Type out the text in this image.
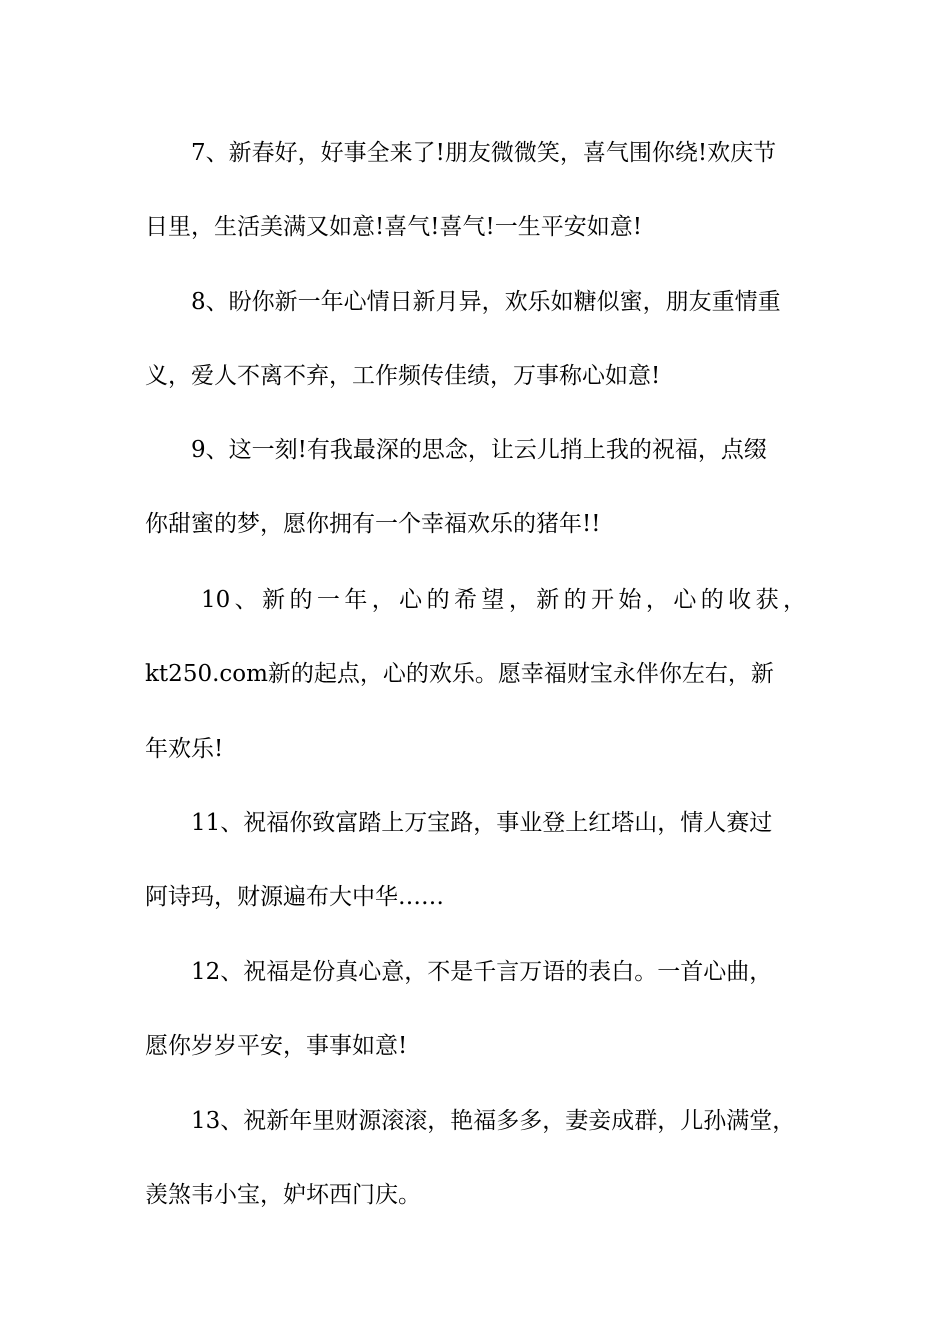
7、新春好，好事全来了!朋友微微笑，喜气围你绕!欢庆节
日里，生活美满又如意!喜气!喜气!一生平安如意!
8、盼你新一年心情日新月异，欢乐如糖似蜜，朋友重情重
义，爱人不离不弃，工作频传佳绩，万事称心如意!
9、这一刻!有我最深的思念，让云儿捎上我的祝福，点缀
你甜蜜的梦，愿你拥有一个幸福欢乐的猪年!!
10、新的一年，心的希望，新的开始，心的收获，
kt250.com新的起点，心的欢乐。愿幸福财宝永伴你左右，新
年欢乐!
11、祝福你致富踏上万宝路，事业登上红塔山，情人赛过
阿诗玛，财源遍布大中华……
12、祝福是份真心意，不是千言万语的表白。一首心曲，
愿你岁岁平安，事事如意!
13、祝新年里财源滚滚，艳福多多，妻妾成群，儿孙满堂，
羡煞韦小宝，妒坏西门庆。
